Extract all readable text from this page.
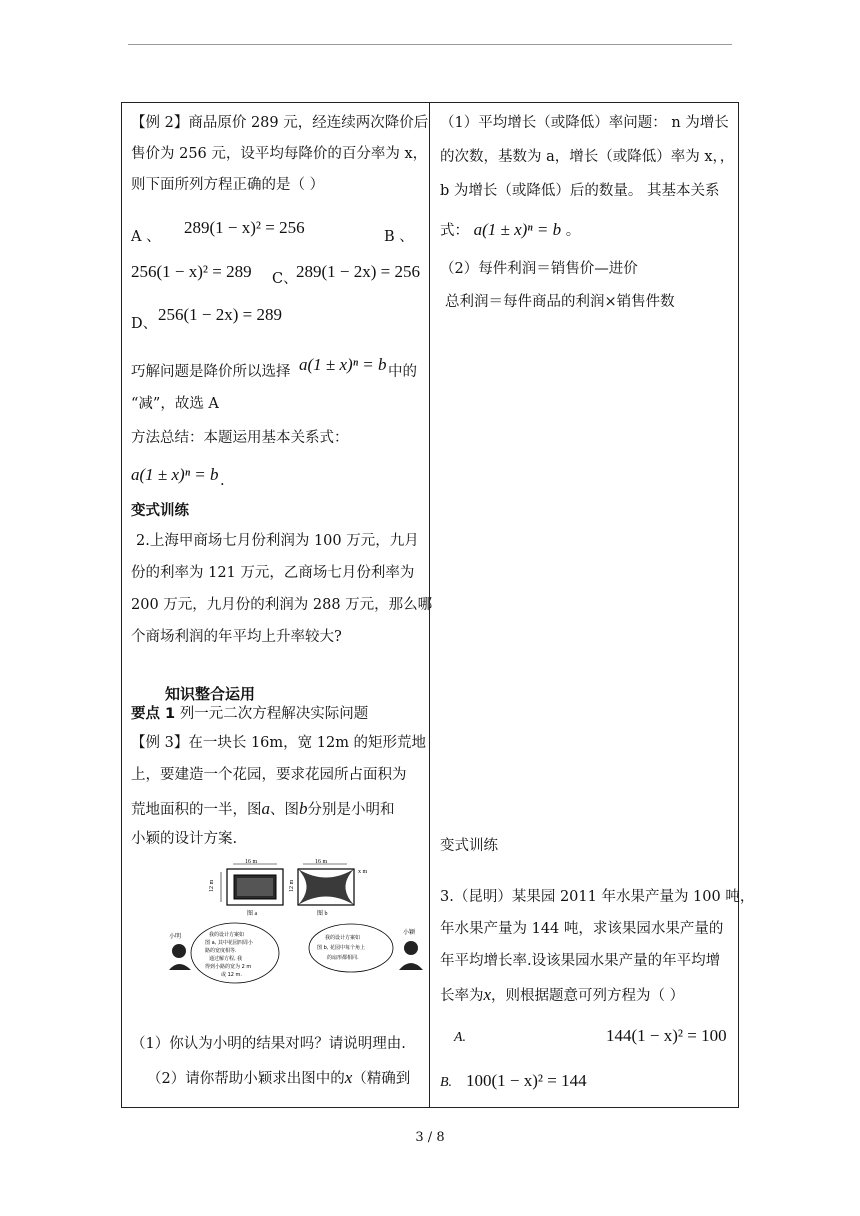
【例 2】商品原价 289 元，经连续两次降价后
售价为 256 元，设平均每降价的百分率为 x，
则下面所列方程正确的是（ ）
A 、 289(1 − x)² = 256	B 、
256(1 − x)² = 289 C、
289(1 − 2x) = 256
D、 256(1 − 2x) = 289
巧解问题是降价所以选择 a(1 ± x)ⁿ = b 中的
“减”，故选 A
方法总结：本题运用基本关系式：
a(1 ± x)ⁿ = b .
变式训练
2.上海甲商场七月份利润为 100 万元，九月
份的利率为 121 万元，乙商场七月份利率为
200 万元，九月份的利润为 288 万元，那么哪
个商场利润的年平均上升率较大?
知识整合运用
要点 1 列一元二次方程解决实际问题
【例 3】在一块长 16m，宽 12m 的矩形荒地
上，要建造一个花园，要求花园所占面积为
荒地面积的一半，图a、图b分别是小明和
小颖的设计方案.
16 m
12 m
图 a
16 m
12 m
x m
图 b
小明	我的设计方案如
图 a, 其中花园四周小
路的宽度相等.
通过解方程, 我
得到小路的宽为 2 m
或 12 m.
我的设计方案如
图 b, 花园中每个角上
的扇形都相同.
小颖
（1）你认为小明的结果对吗？请说明理由.
（2）请你帮助小颖求出图中的x（精确到
（1）平均增长（或降低）率问题： n 为增长
的次数，基数为 a，增长（或降低）率为 x，，
b 为增长（或降低）后的数量。 其基本关系
式： a(1 ± x)ⁿ = b 。
（2）每件利润＝销售价—进价
总利润＝每件商品的利润×销售件数
变式训练
3.（昆明）某果园 2011 年水果产量为 100 吨，
年水果产量为 144 吨，求该果园水果产量的
年平均增长率.设该果园水果产量的年平均增
长率为x，则根据题意可列方程为（ ）
A.	144(1 − x)² = 100
B. 100(1 − x)² = 144
3 / 8
